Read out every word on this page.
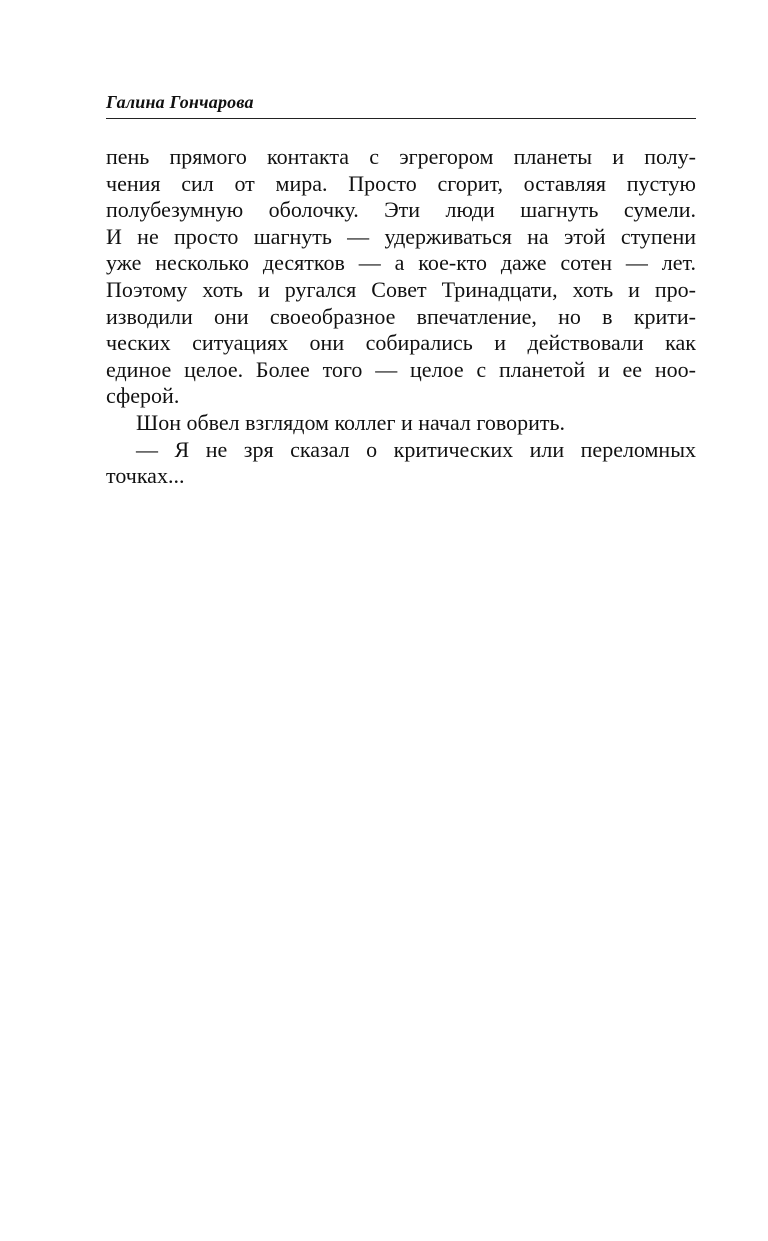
Галина Гончарова
пень прямого контакта с эгрегором планеты и полу-
чения сил от мира. Просто сгорит, оставляя пустую
полубезумную оболочку. Эти люди шагнуть сумели.
И не просто шагнуть — удерживаться на этой ступени
уже несколько десятков — а кое-кто даже сотен — лет.
Поэтому хоть и ругался Совет Тринадцати, хоть и про-
изводили они своеобразное впечатление, но в крити-
ческих ситуациях они собирались и действовали как
единое целое. Более того — целое с планетой и ее ноо-
сферой.
Шон обвел взглядом коллег и начал говорить.
— Я не зря сказал о критических или переломных
точках...
